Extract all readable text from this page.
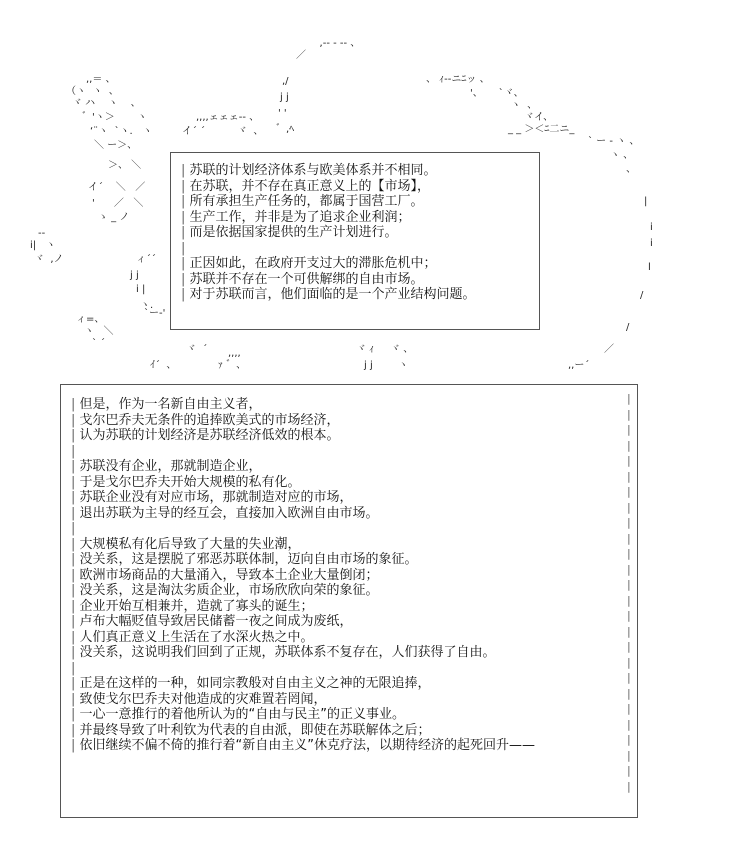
,-‐ - -‐ 、
／
,,＝ 、
（ヽ  ヽ  、
ヾ ハ    ヽ    、
゛'ヽ＞       ヽ
‘¨ヽ  `ヽ.   ヽ
＼ ー＞、
＞、 ＼
イ´    ＼   ／
'      ／   ＼
ゝ _ ノ
‐‐
i|   ヽ
ヾ  ,ノ	ィ´´
j j
i |
ヽ.
`ー-'
ィ=、
ヽ   ＼
` ´
,,,,ェェェ‐- 、
イ´ ´          ヾ  、
,/
j j
' '
゛,ﾍ
、 ｨ-‐ニﾆッ 、
'、     `ヾ、
ヽ  、
ヾイ、
_ _ ＞＜ﾆ二ニ_
` ー ‐ ヽ 、
ヽ 、
、
|
i
i
l
/
/
／
,,ー´
ヾ  ´ ,,,,
ｲ´  、	ｧ ゛、
ヾ ｨ     ヾ 、
j j        ヽ
| 苏联的计划经济体系与欧美体系并不相同。
| 在苏联，并不存在真正意义上的【市场】，
| 所有承担生产任务的，都属于国营工厂。
| 生产工作，并非是为了追求企业利润；
| 而是依据国家提供的生产计划进行。
|
| 正因如此，在政府开支过大的滞胀危机中；
| 苏联并不存在一个可供解绑的自由市场。
| 对于苏联而言，他们面临的是一个产业结构问题。
|
|
|
|
|
|
|
|
|
|
|
|
|
|
|
|
|
|
|
|
|
|
|
|
|
|
| 但是，作为一名新自由主义者，
| 戈尔巴乔夫无条件的追捧欧美式的市场经济，
| 认为苏联的计划经济是苏联经济低效的根本。
|
| 苏联没有企业，那就制造企业，
| 于是戈尔巴乔夫开始大规模的私有化。
| 苏联企业没有对应市场，那就制造对应的市场，
| 退出苏联为主导的经互会，直接加入欧洲自由市场。
|
| 大规模私有化后导致了大量的失业潮，
| 没关系，这是摆脱了邪恶苏联体制，迈向自由市场的象征。
| 欧洲市场商品的大量涌入，导致本土企业大量倒闭；
| 没关系，这是淘汰劣质企业，市场欣欣向荣的象征。
| 企业开始互相兼并，造就了寡头的诞生；
| 卢布大幅贬值导致居民储蓄一夜之间成为废纸，
| 人们真正意义上生活在了水深火热之中。
| 没关系，这说明我们回到了正规，苏联体系不复存在，人们获得了自由。
|
| 正是在这样的一种，如同宗教般对自由主义之神的无限追捧，
| 致使戈尔巴乔夫对他造成的灾难置若罔闻，
| 一心一意推行的着他所认为的“自由与民主”的正义事业。
| 并最终导致了叶利钦为代表的自由派，即使在苏联解体之后；
| 依旧继续不偏不倚的推行着“新自由主义”休克疗法，以期待经济的起死回升——
